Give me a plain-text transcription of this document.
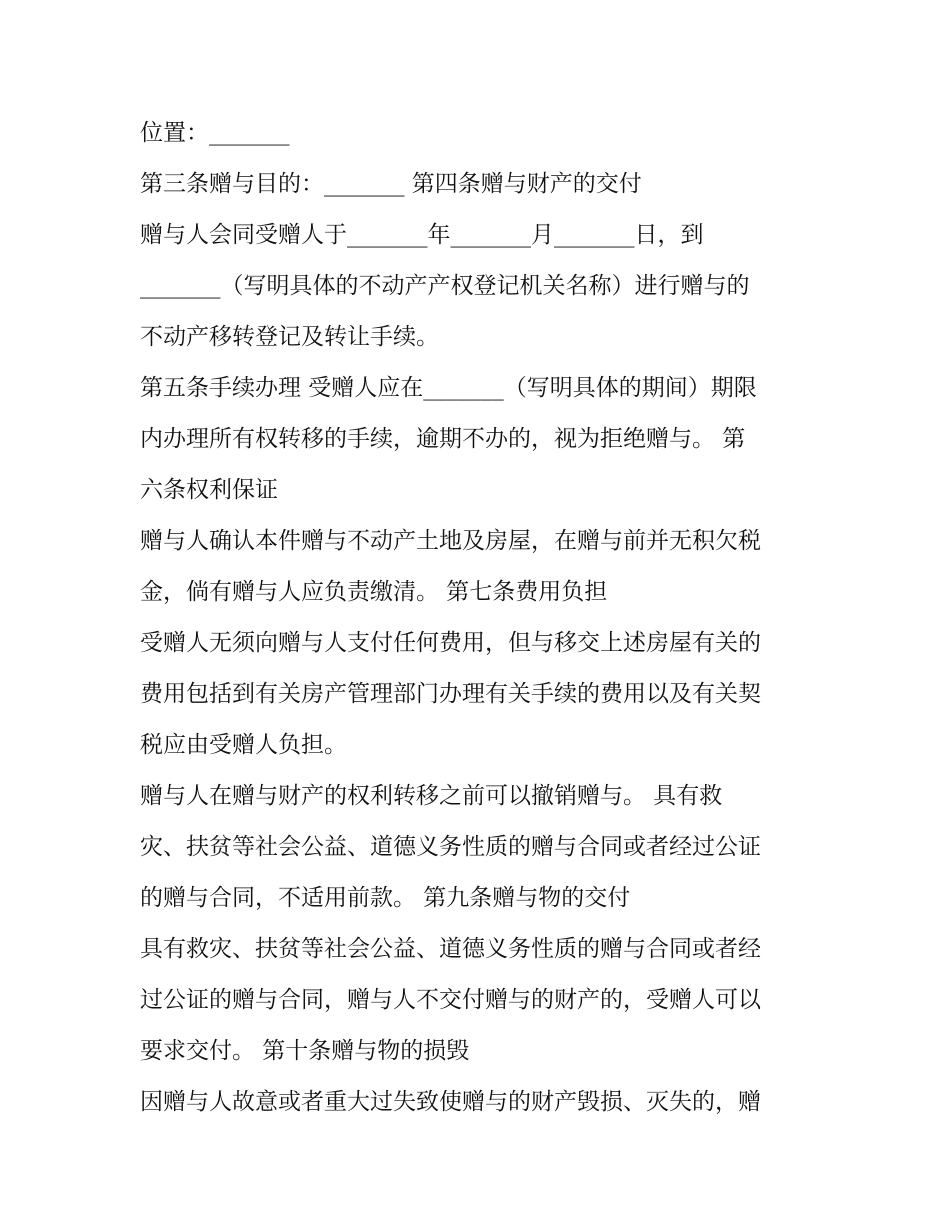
位置：_______
第三条赠与目的：_______ 第四条赠与财产的交付
赠与人会同受赠人于_______年_______月_______日，到
_______（写明具体的不动产产权登记机关名称）进行赠与的
不动产移转登记及转让手续。
第五条手续办理 受赠人应在_______（写明具体的期间）期限
内办理所有权转移的手续，逾期不办的，视为拒绝赠与。 第
六条权利保证
赠与人确认本件赠与不动产土地及房屋，在赠与前并无积欠税
金，倘有赠与人应负责缴清。 第七条费用负担
受赠人无须向赠与人支付任何费用，但与移交上述房屋有关的
费用包括到有关房产管理部门办理有关手续的费用以及有关契
税应由受赠人负担。
赠与人在赠与财产的权利转移之前可以撤销赠与。 具有救
灾、扶贫等社会公益、道德义务性质的赠与合同或者经过公证
的赠与合同，不适用前款。 第九条赠与物的交付
具有救灾、扶贫等社会公益、道德义务性质的赠与合同或者经
过公证的赠与合同，赠与人不交付赠与的财产的，受赠人可以
要求交付。 第十条赠与物的损毁
因赠与人故意或者重大过失致使赠与的财产毁损、灭失的，赠
